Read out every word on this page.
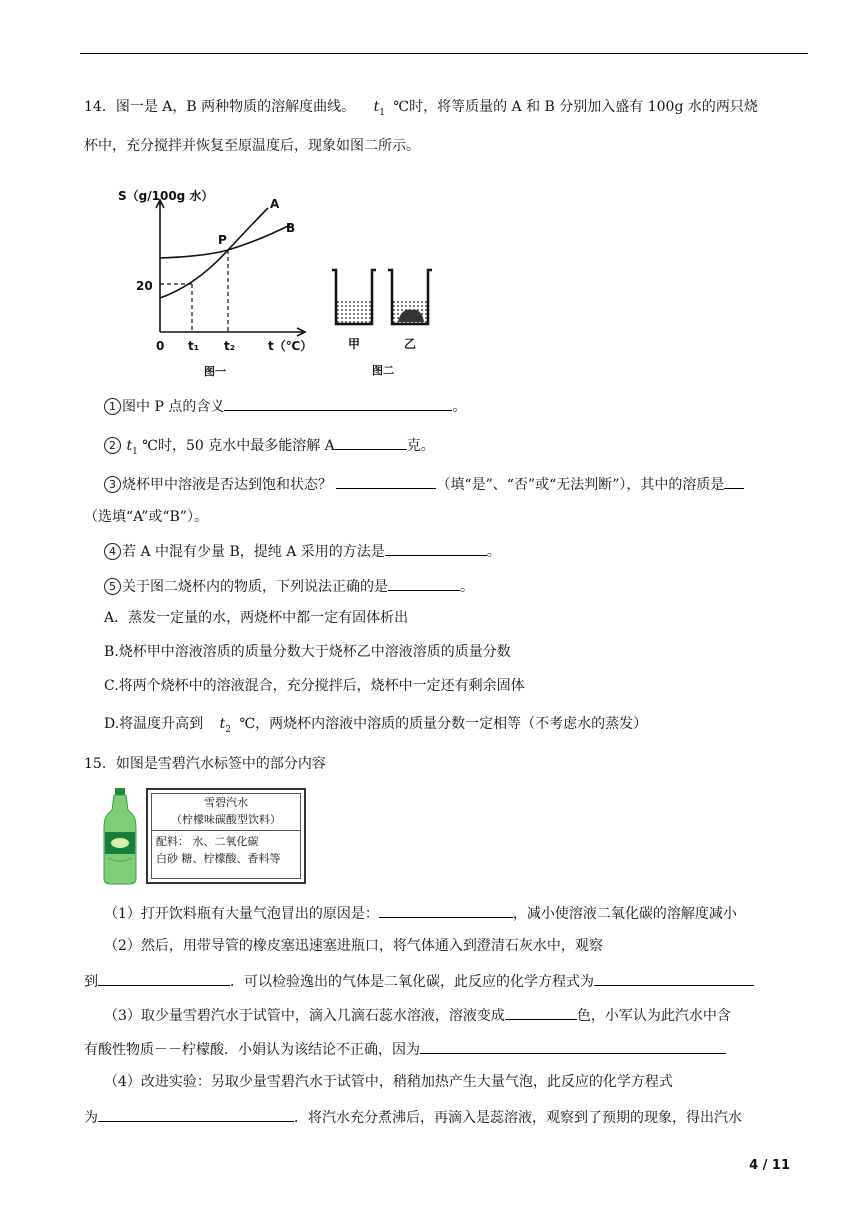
14．图一是 A，B 两种物质的溶解度曲线。 $t_1$ ℃时，将等质量的 A 和 B 分别加入盛有 100g 水的两只烧
杯中，充分搅拌并恢复至原温度后，现象如图二所示。
S（g/100g 水）
20
0 t₁ t₂	t（℃）
A
B
P
图一
甲	乙
图二
1 图中 P 点的含义	。
2 $t_1$ ℃时，50 克水中最多能溶解 A	克。
3 烧杯甲中溶液是否达到饱和状态？	（填“是”、“否”或“无法判断”），其中的溶质是
（选填“A”或“B”）。
4 若 A 中混有少量 B，提纯 A 采用的方法是	。
5 关于图二烧杯内的物质，下列说法正确的是	。
A．蒸发一定量的水，两烧杯中都一定有固体析出
B.烧杯甲中溶液溶质的质量分数大于烧杯乙中溶液溶质的质量分数
C.将两个烧杯中的溶液混合，充分搅拌后，烧杯中一定还有剩余固体
D.将温度升高到 $t_2$ ℃，两烧杯内溶液中溶质的质量分数一定相等（不考虑水的蒸发）
15．如图是雪碧汽水标签中的部分内容
雪碧汽水
（柠檬味碳酸型饮料）
配料： 水、二氧化碳
白砂 糖、柠檬酸、香料等
（1）打开饮料瓶有大量气泡冒出的原因是：	，减小使溶液二氧化碳的溶解度减小
（2）然后，用带导管的橡皮塞迅速塞进瓶口，将气体通入到澄清石灰水中，观察
到	．可以检验逸出的气体是二氧化碳，此反应的化学方程式为
（3）取少量雪碧汽水于试管中，滴入几滴石蕊水溶液，溶液变成	色，小军认为此汽水中含
有酸性物质－－柠檬酸．小娟认为该结论不正确，因为
（4）改进实验：另取少量雪碧汽水于试管中，稍稍加热产生大量气泡，此反应的化学方程式
为	．将汽水充分煮沸后，再滴入是蕊溶液，观察到了预期的现象，得出汽水
4 / 11
